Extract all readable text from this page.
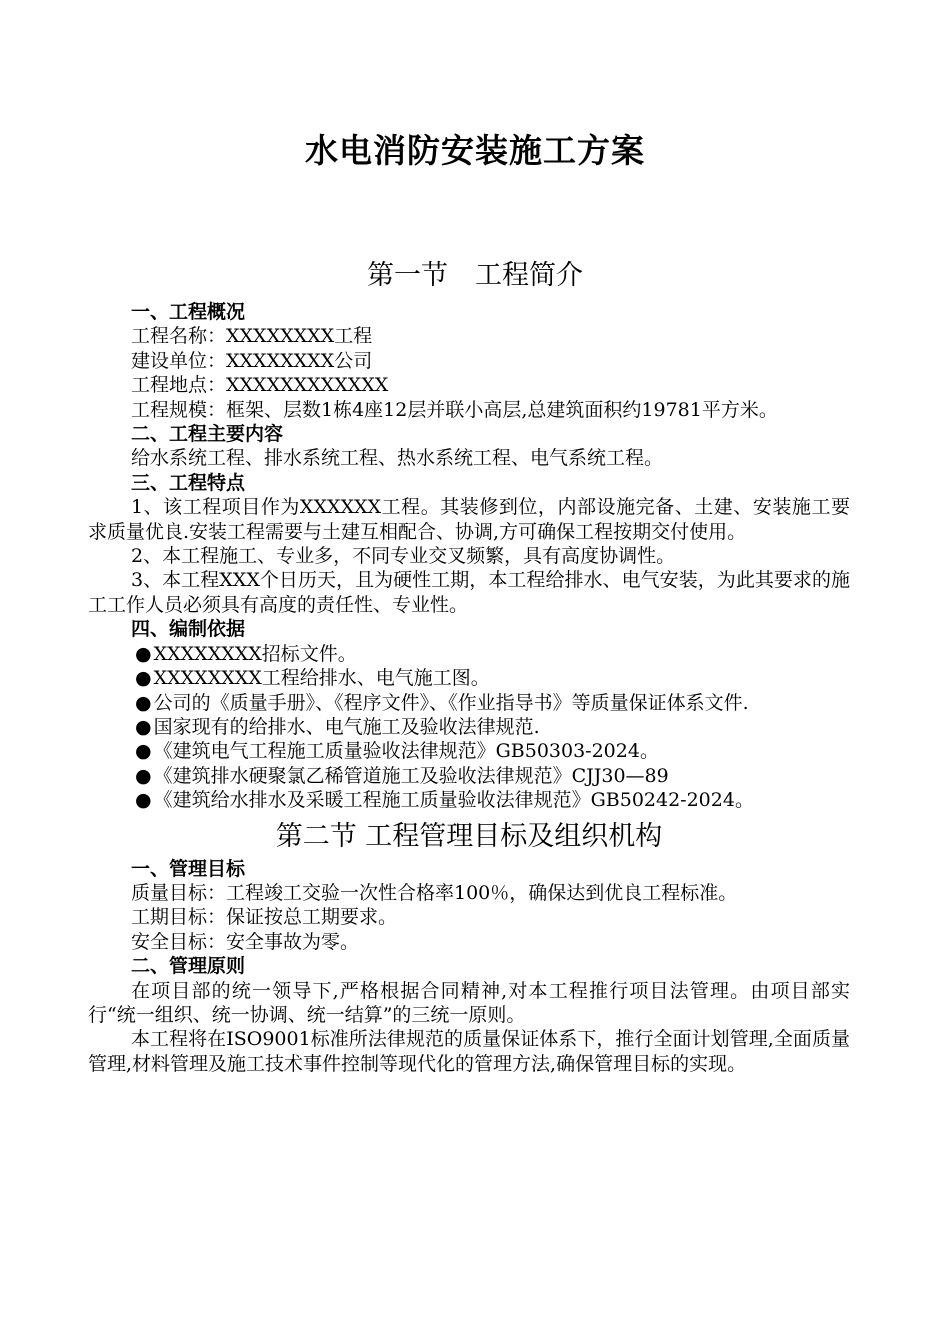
水电消防安装施工方案
第一节　工程简介
一、工程概况
工程名称：XXXXXXXX工程
建设单位：XXXXXXXX公司
工程地点：XXXXXXXXXXXX
工程规模：框架、层数1栋4座12层并联小高层,总建筑面积约19781平方米。
二、工程主要内容
给水系统工程、排水系统工程、热水系统工程、电气系统工程。
三、工程特点
1、该工程项目作为XXXXXX工程。其装修到位，内部设施完备、土建、安装施工要求质量优良.安装工程需要与土建互相配合、协调,方可确保工程按期交付使用。
2、本工程施工、专业多，不同专业交叉频繁，具有高度协调性。
3、本工程XXX个日历天，且为硬性工期，本工程给排水、电气安装，为此其要求的施工工作人员必须具有高度的责任性、专业性。
四、编制依据
● XXXXXXXX招标文件。
● XXXXXXXX工程给排水、电气施工图。
● 公司的《质量手册》、《程序文件》、《作业指导书》等质量保证体系文件.
● 国家现有的给排水、电气施工及验收法律规范.
● 《建筑电气工程施工质量验收法律规范》GB50303-2024。
● 《建筑排水硬聚氯乙稀管道施工及验收法律规范》CJJ30—89
● 《建筑给水排水及采暖工程施工质量验收法律规范》GB50242-2024。
第二节 工程管理目标及组织机构
一、管理目标
质量目标：工程竣工交验一次性合格率100％，确保达到优良工程标准。
工期目标：保证按总工期要求。
安全目标：安全事故为零。
二、管理原则
在项目部的统一领导下,严格根据合同精神,对本工程推行项目法管理。由项目部实行“统一组织、统一协调、统一结算”的三统一原则。
本工程将在ISO9001标准所法律规范的质量保证体系下，推行全面计划管理,全面质量管理,材料管理及施工技术事件控制等现代化的管理方法,确保管理目标的实现。
